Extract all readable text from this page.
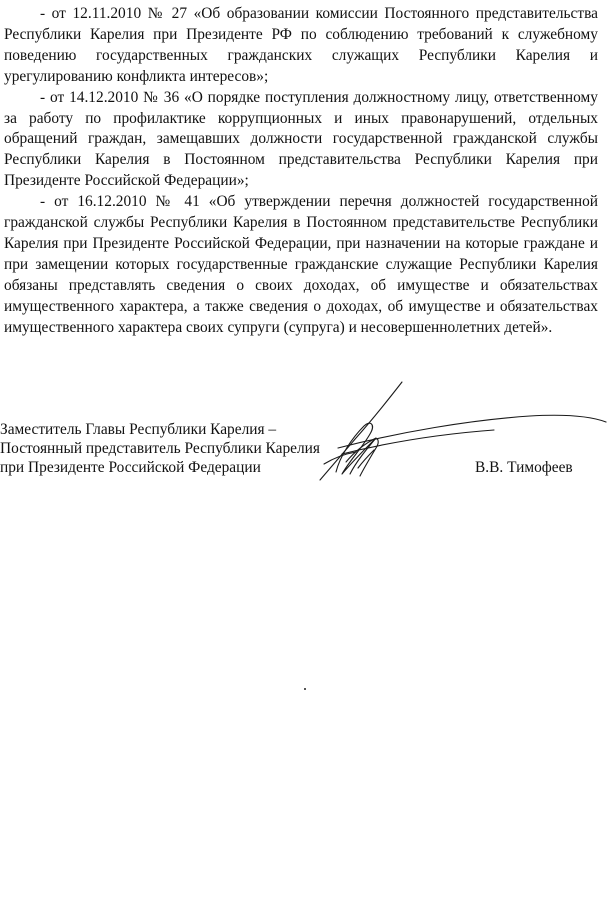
- от 12.11.2010 № 27 «Об образовании комиссии Постоянного представительства Республики Карелия при Президенте РФ по соблюдению требований к служебному поведению государственных гражданских служащих Республики Карелия и урегулированию конфликта интересов»;

- от 14.12.2010 № 36 «О порядке поступления должностному лицу, ответственному за работу по профилактике коррупционных и иных правонарушений, отдельных обращений граждан, замещавших должности государственной гражданской службы Республики Карелия в Постоянном представительства Республики Карелия при Президенте Российской Федерации»;

- от 16.12.2010 № 41 «Об утверждении перечня должностей государственной гражданской службы Республики Карелия в Постоянном представительстве Республики Карелия при Президенте Российской Федерации, при назначении на которые граждане и при замещении которых государственные гражданские служащие Республики Карелия обязаны представлять сведения о своих доходах, об имуществе и обязательствах имущественного характера, а также сведения о доходах, об имуществе и обязательствах имущественного характера своих супруги (супруга) и несовершеннолетних детей».

Заместитель Главы Республики Карелия –
Постоянный представитель Республики Карелия
при Президенте Российской Федерации	В.В. Тимофеев
